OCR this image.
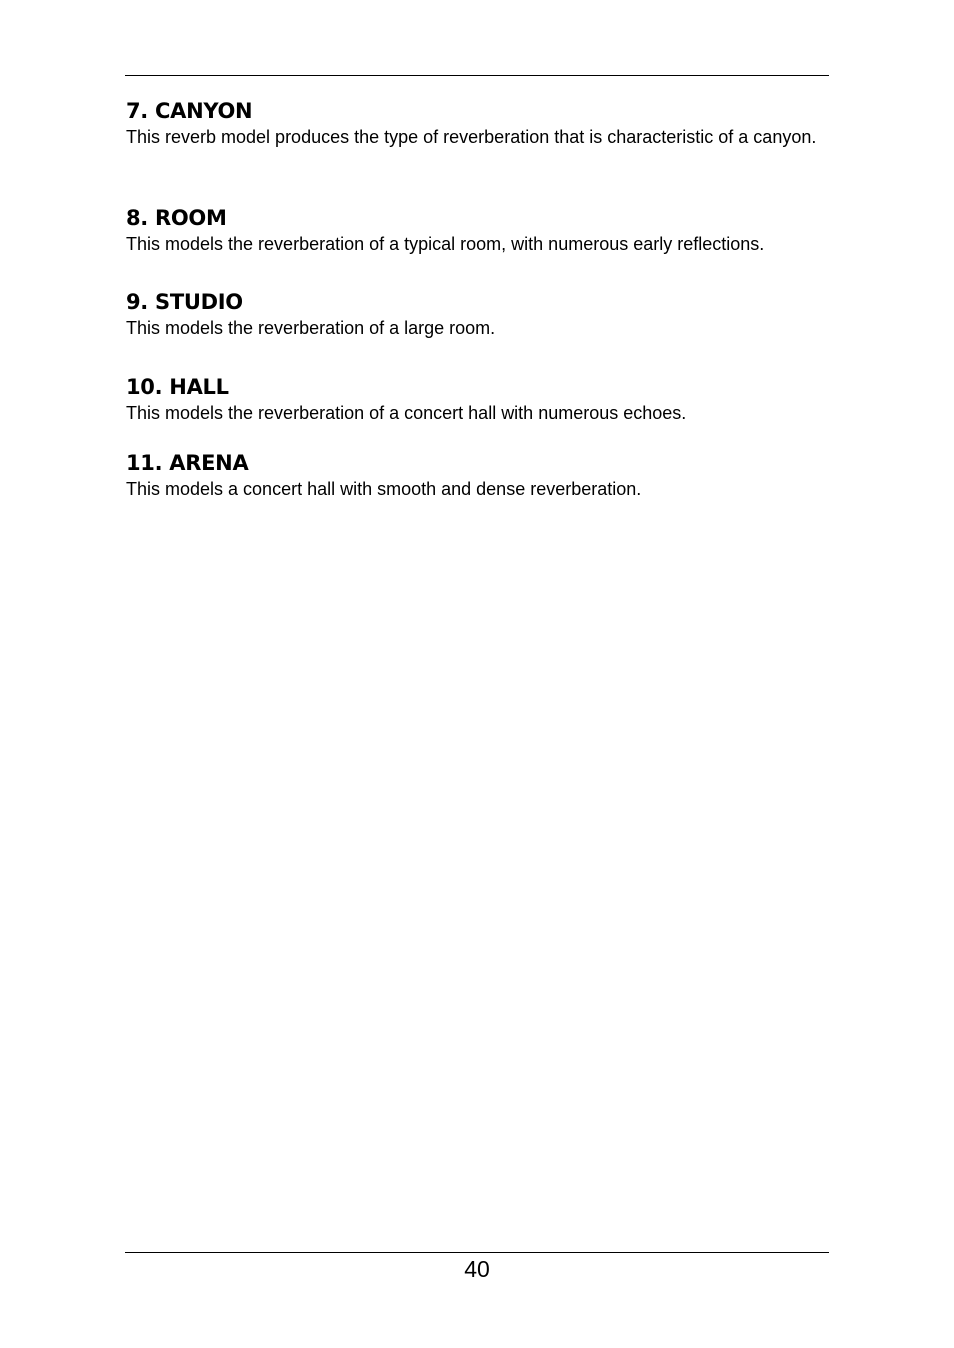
7. CANYON

This reverb model produces the type of reverberation that is characteristic of a canyon.

8. ROOM

This models the reverberation of a typical room, with numerous early reflections.

9. STUDIO

This models the reverberation of a large room.

10. HALL

This models the reverberation of a concert hall with numerous echoes.

11. ARENA

This models a concert hall with smooth and dense reverberation.

40
